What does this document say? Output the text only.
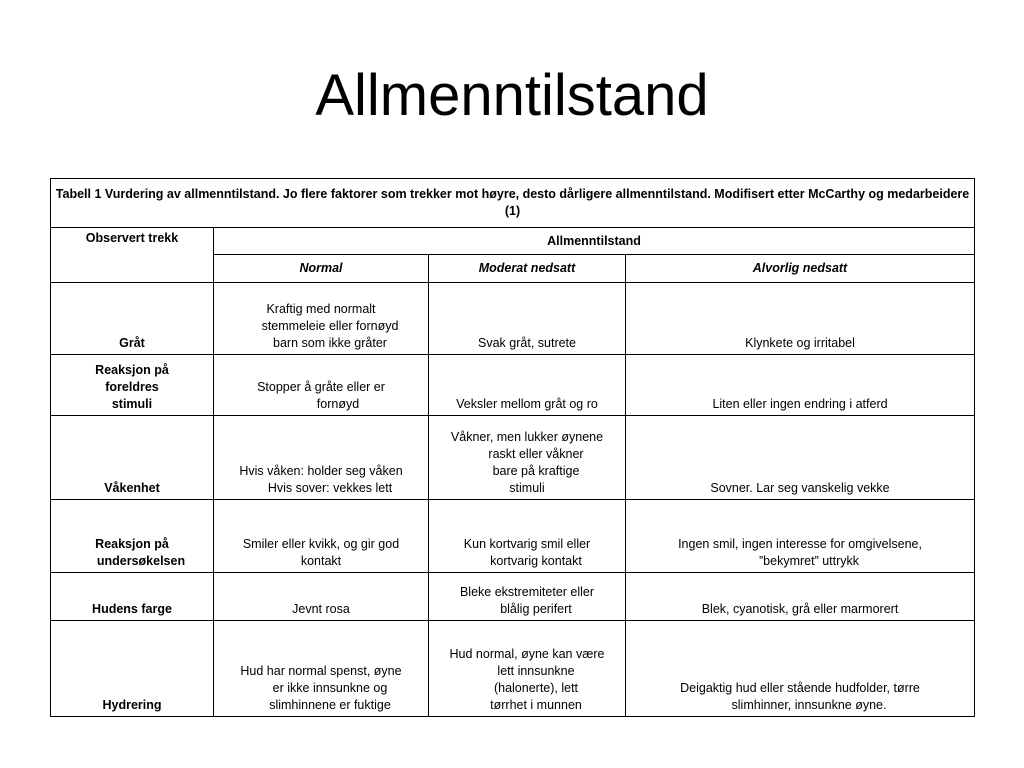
Allmenntilstand
Tabell 1 Vurdering av allmenntilstand. Jo flere faktorer som trekker mot høyre, desto dårligere allmenntilstand. Modifisert etter McCarthy og medarbeidere (1)			
Observert trekk	Allmenntilstand		
	Normal	Moderat nedsatt	Alvorlig nedsatt

Gråt	Kraftig med normalt
stemmeleie eller fornøyd
barn som ikke gråter	Svak gråt, sutrete	Klynkete og irritabel

Reaksjon på
foreldres
stimuli	Stopper å gråte eller er
fornøyd	Veksler mellom gråt og ro	Liten eller ingen endring i atferd

Våkenhet	Hvis våken: holder seg våken
Hvis sover: vekkes lett	Våkner, men lukker øynene
raskt eller våkner
bare på kraftige
stimuli	Sovner. Lar seg vanskelig vekke

Reaksjon på
undersøkelsen	Smiler eller kvikk, og gir god
kontakt	Kun kortvarig smil eller
kortvarig kontakt	Ingen smil, ingen interesse for omgivelsene,
”bekymret” uttrykk

Hudens farge	Jevnt rosa	Bleke ekstremiteter eller
blålig perifert	Blek, cyanotisk, grå eller marmorert

Hydrering	Hud har normal spenst, øyne
er ikke innsunkne og
slimhinnene er fuktige	Hud normal, øyne kan være
lett innsunkne
(halonerte), lett
tørrhet i munnen	Deigaktig hud eller stående hudfolder, tørre
slimhinner, innsunkne øyne.
